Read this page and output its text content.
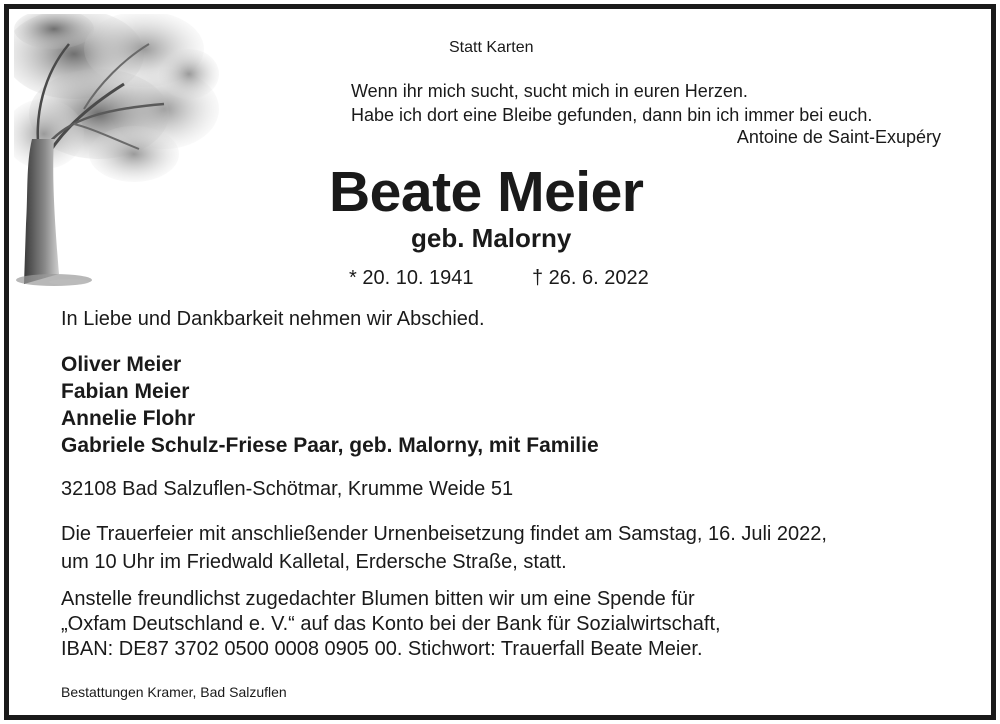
Statt Karten
Wenn ihr mich sucht, sucht mich in euren Herzen.
Habe ich dort eine Bleibe gefunden, dann bin ich immer bei euch.
Antoine de Saint-Exupéry
Beate Meier
geb. Malorny
* 20. 10. 1941	† 26. 6. 2022
In Liebe und Dankbarkeit nehmen wir Abschied.
Oliver Meier
Fabian Meier
Annelie Flohr
Gabriele Schulz-Friese Paar, geb. Malorny, mit Familie
32108 Bad Salzuflen-Schötmar, Krumme Weide 51
Die Trauerfeier mit anschließender Urnenbeisetzung findet am Samstag, 16. Juli 2022,
um 10 Uhr im Friedwald Kalletal, Erdersche Straße, statt.
Anstelle freundlichst zugedachter Blumen bitten wir um eine Spende für
„Oxfam Deutschland e. V.“ auf das Konto bei der Bank für Sozialwirtschaft,
IBAN: DE87 3702 0500 0008 0905 00. Stichwort: Trauerfall Beate Meier.
Bestattungen Kramer, Bad Salzuflen
